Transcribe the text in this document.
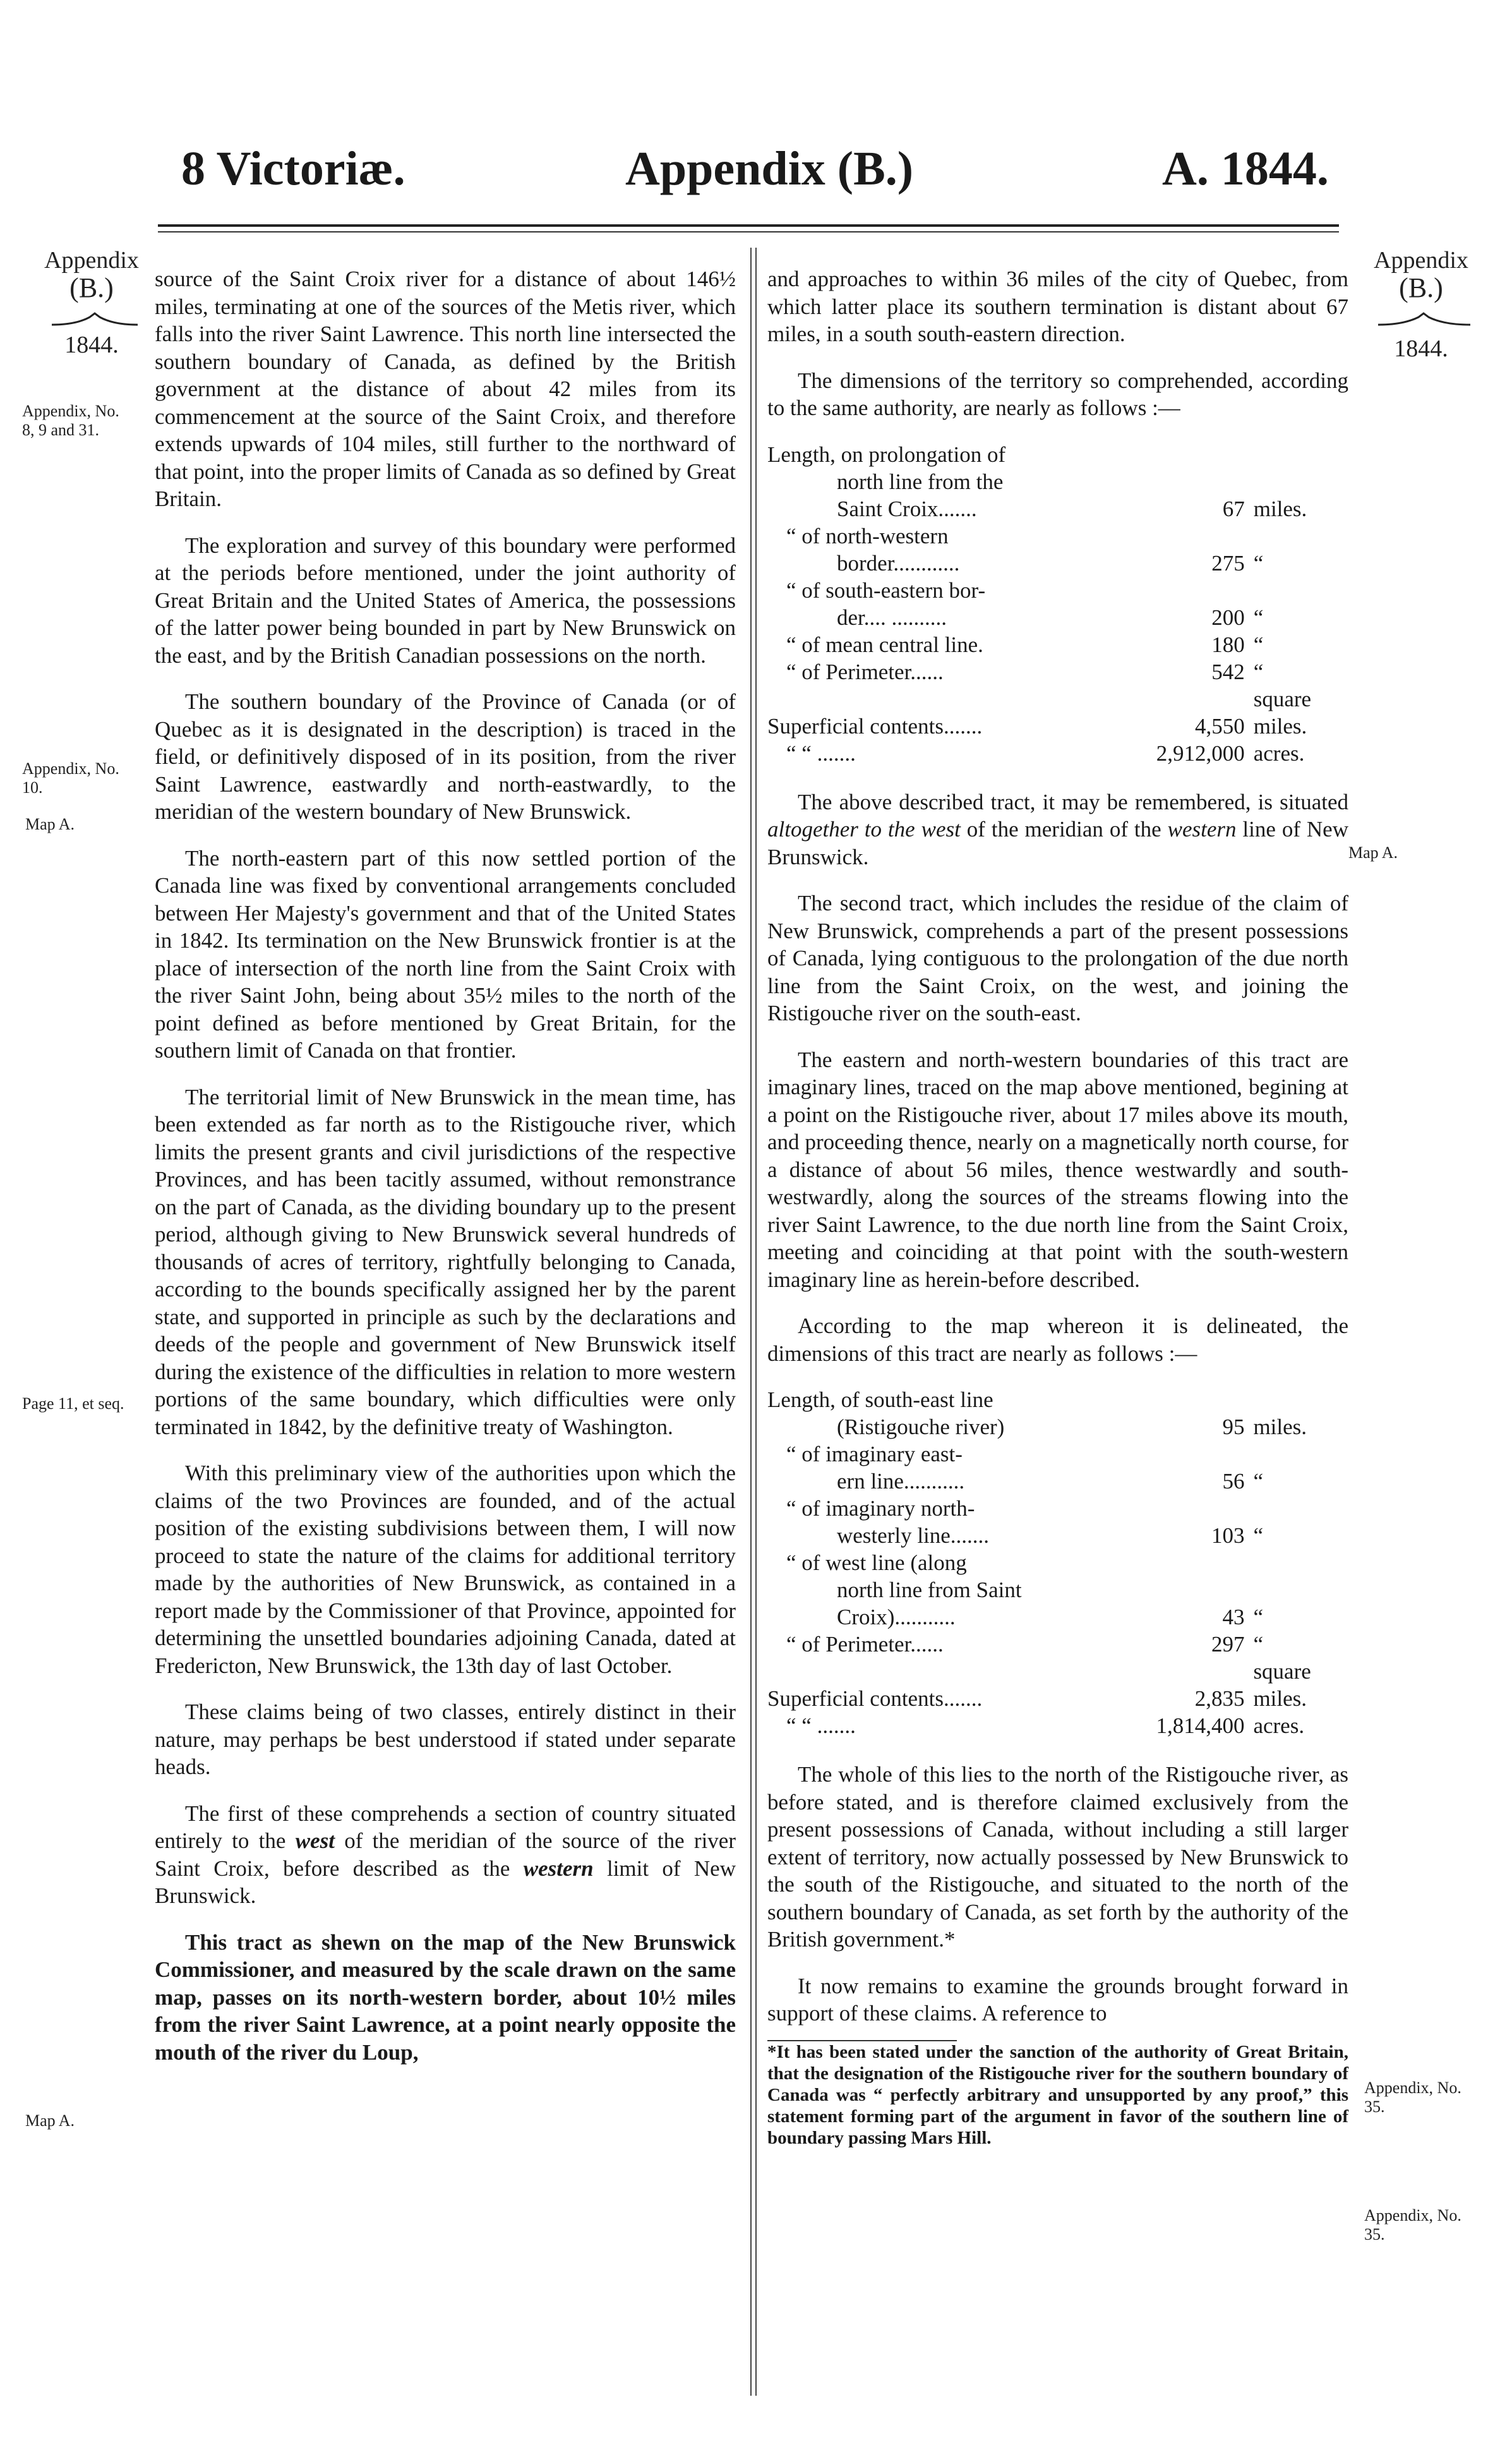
8 Victoriæ.	Appendix (B.)	A. 1844.
Appendix
(B.)
1844.
Appendix, No.
8, 9 and 31.
Appendix, No.
10.
Map A.
Page 11, et seq.
Map A.
Appendix
(B.)
1844.
Map A.
Appendix, No.
35.
Appendix, No.
35.

source of the Saint Croix river for a distance of about 146½ miles, terminating at one of the sources of the Metis river, which falls into the river Saint Lawrence. This north line intersected the southern boundary of Canada, as defined by the British government at the distance of about 42 miles from its commencement at the source of the Saint Croix, and therefore extends upwards of 104 miles, still further to the northward of that point, into the proper limits of Canada as so defined by Great Britain.

The exploration and survey of this boundary were performed at the periods before mentioned, under the joint authority of Great Britain and the United States of America, the possessions of the latter power being bounded in part by New Brunswick on the east, and by the British Canadian possessions on the north.

The southern boundary of the Province of Canada (or of Quebec as it is designated in the description) is traced in the field, or definitively disposed of in its position, from the river Saint Lawrence, eastwardly and north-eastwardly, to the meridian of the western boundary of New Brunswick.

The north-eastern part of this now settled portion of the Canada line was fixed by conventional arrangements concluded between Her Majesty's government and that of the United States in 1842. Its termination on the New Brunswick frontier is at the place of intersection of the north line from the Saint Croix with the river Saint John, being about 35½ miles to the north of the point defined as before mentioned by Great Britain, for the southern limit of Canada on that frontier.

The territorial limit of New Brunswick in the mean time, has been extended as far north as to the Ristigouche river, which limits the present grants and civil jurisdictions of the respective Provinces, and has been tacitly assumed, without remonstrance on the part of Canada, as the dividing boundary up to the present period, although giving to New Brunswick several hundreds of thousands of acres of territory, rightfully belonging to Canada, according to the bounds specifically assigned her by the parent state, and supported in principle as such by the declarations and deeds of the people and government of New Brunswick itself during the existence of the difficulties in relation to more western portions of the same boundary, which difficulties were only terminated in 1842, by the definitive treaty of Washington.

With this preliminary view of the authorities upon which the claims of the two Provinces are founded, and of the actual position of the existing subdivisions between them, I will now proceed to state the nature of the claims for additional territory made by the authorities of New Brunswick, as contained in a report made by the Commissioner of that Province, appointed for determining the unsettled boundaries adjoining Canada, dated at Fredericton, New Brunswick, the 13th day of last October.

These claims being of two classes, entirely distinct in their nature, may perhaps be best understood if stated under separate heads.

The first of these comprehends a section of country situated entirely to the west of the meridian of the source of the river Saint Croix, before described as the western limit of New Brunswick.

This tract as shewn on the map of the New Brunswick Commissioner, and measured by the scale drawn on the same map, passes on its north-western border, about 10½ miles from the river Saint Lawrence, at a point nearly opposite the mouth of the river du Loup,

and approaches to within 36 miles of the city of Quebec, from which latter place its southern termination is distant about 67 miles, in a south south-eastern direction.

The dimensions of the territory so comprehended, according to the same authority, are nearly as follows :—

Length, on prolongation of		
north line from the		
Saint Croix.......	67	miles.
“ of north-western		
border............	275	“
“ of south-eastern bor-		
der.... ..........	200	“
“ of mean central line.	180	“
“ of Perimeter......	542	“
Superficial contents.......	4,550	square miles.
“ “ .......	2,912,000	acres.

The above described tract, it may be remembered, is situated altogether to the west of the meridian of the western line of New Brunswick.

The second tract, which includes the residue of the claim of New Brunswick, comprehends a part of the present possessions of Canada, lying contiguous to the prolongation of the due north line from the Saint Croix, on the west, and joining the Ristigouche river on the south-east.

The eastern and north-western boundaries of this tract are imaginary lines, traced on the map above mentioned, begining at a point on the Ristigouche river, about 17 miles above its mouth, and proceeding thence, nearly on a magnetically north course, for a distance of about 56 miles, thence westwardly and south-westwardly, along the sources of the streams flowing into the river Saint Lawrence, to the due north line from the Saint Croix, meeting and coinciding at that point with the south-western imaginary line as herein-before described.

According to the map whereon it is delineated, the dimensions of this tract are nearly as follows :—

Length, of south-east line		
(Ristigouche river)	95	miles.
“ of imaginary east-		
ern line...........	56	“
“ of imaginary north-		
westerly line.......	103	“
“ of west line (along		
north line from Saint		
Croix)...........	43	“
“ of Perimeter......	297	“
Superficial contents.......	2,835	square miles.
“ “ .......	1,814,400	acres.

The whole of this lies to the north of the Ristigouche river, as before stated, and is therefore claimed exclusively from the present possessions of Canada, without including a still larger extent of territory, now actually possessed by New Brunswick to the south of the Ristigouche, and situated to the north of the southern boundary of Canada, as set forth by the authority of the British government.*

It now remains to examine the grounds brought forward in support of these claims. A reference to

*It has been stated under the sanction of the authority of Great Britain, that the designation of the Ristigouche river for the southern boundary of Canada was “ perfectly arbitrary and unsupported by any proof,” this statement forming part of the argument in favor of the southern line of boundary passing Mars Hill.
